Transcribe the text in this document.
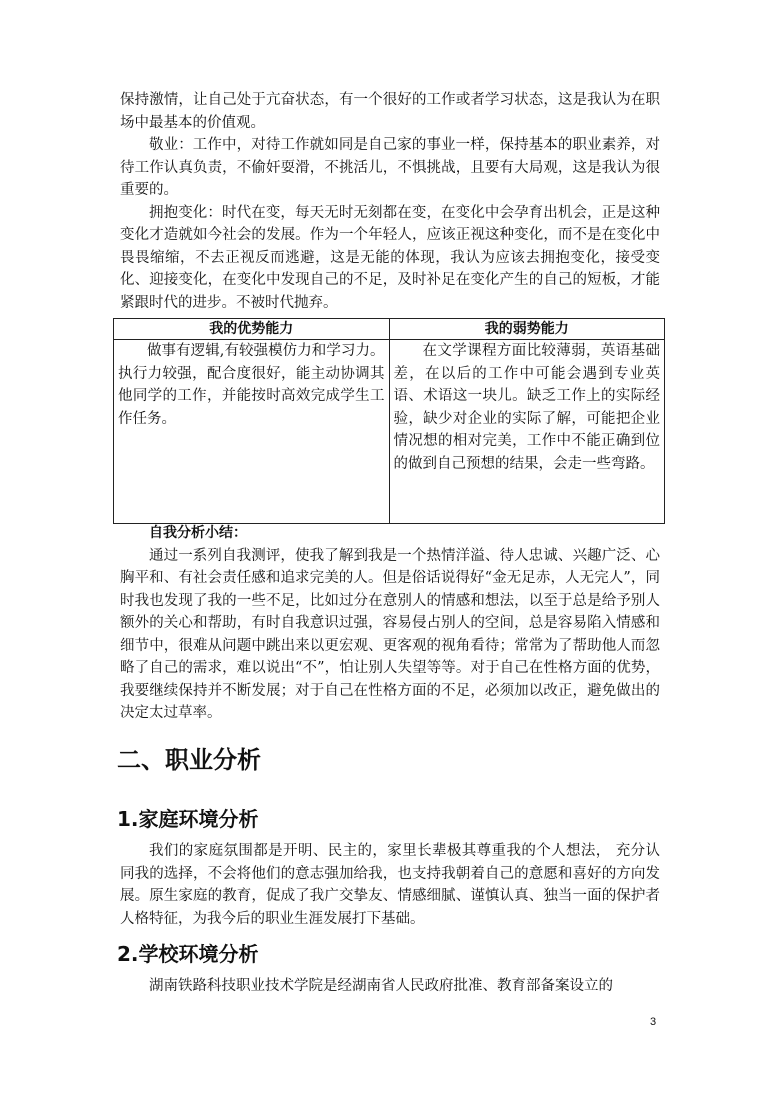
保持激情，让自己处于亢奋状态，有一个很好的工作或者学习状态，这是我认为在职场中最基本的价值观。

敬业：工作中，对待工作就如同是自己家的事业一样，保持基本的职业素养，对待工作认真负责，不偷奸耍滑，不挑活儿，不惧挑战，且要有大局观，这是我认为很重要的。

拥抱变化：时代在变，每天无时无刻都在变，在变化中会孕育出机会，正是这种变化才造就如今社会的发展。作为一个年轻人，应该正视这种变化，而不是在变化中畏畏缩缩，不去正视反而逃避，这是无能的体现，我认为应该去拥抱变化，接受变化、迎接变化，在变化中发现自己的不足，及时补足在变化产生的自己的短板，才能紧跟时代的进步。不被时代抛弃。

我的优势能力	我的弱势能力

做事有逻辑,有较强模仿力和学习力。执行力较强，配合度很好，能主动协调其他同学的工作，并能按时高效完成学生工作任务。	在文学课程方面比较薄弱，英语基础差，在以后的工作中可能会遇到专业英语、术语这一块儿。缺乏工作上的实际经验，缺少对企业的实际了解，可能把企业情况想的相对完美，工作中不能正确到位的做到自己预想的结果，会走一些弯路。

自我分析小结：

通过一系列自我测评，使我了解到我是一个热情洋溢、待人忠诚、兴趣广泛、心胸平和、有社会责任感和追求完美的人。但是俗话说得好“金无足赤，人无完人”，同时我也发现了我的一些不足，比如过分在意别人的情感和想法，以至于总是给予别人额外的关心和帮助，有时自我意识过强，容易侵占别人的空间，总是容易陷入情感和细节中，很难从问题中跳出来以更宏观、更客观的视角看待；常常为了帮助他人而忽略了自己的需求，难以说出“不”，怕让别人失望等等。对于自己在性格方面的优势，我要继续保持并不断发展；对于自己在性格方面的不足，必须加以改正，避免做出的决定太过草率。

二、职业分析
1.家庭环境分析

我们的家庭氛围都是开明、民主的，家里长辈极其尊重我的个人想法， 充分认同我的选择，不会将他们的意志强加给我，也支持我朝着自己的意愿和喜好的方向发展。原生家庭的教育，促成了我广交挚友、情感细腻、谨慎认真、独当一面的保护者人格特征，为我今后的职业生涯发展打下基础。

2.学校环境分析

湖南铁路科技职业技术学院是经湖南省人民政府批准、教育部备案设立的

3
